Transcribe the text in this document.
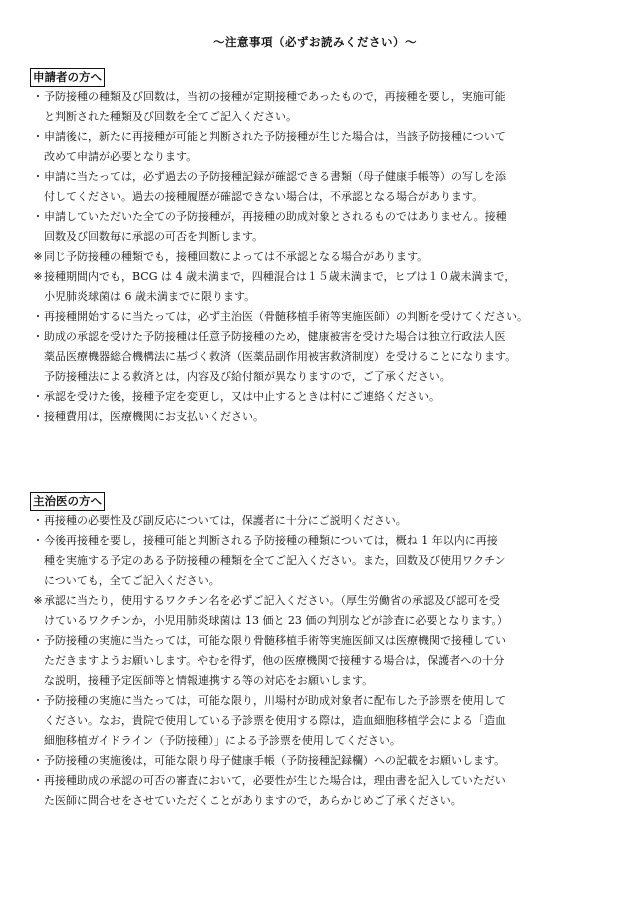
〜注意事項（必ずお読みください）〜
申請者の方へ
・ 予防接種の種類及び回数は，当初の接種が定期接種であったもので，再接種を要し，実施可能
と判断された種類及び回数を全てご記入ください。
・ 申請後に，新たに再接種が可能と判断された予防接種が生じた場合は，当該予防接種について
改めて申請が必要となります。
・ 申請に当たっては，必ず過去の予防接種記録が確認できる書類（母子健康手帳等）の写しを添
付してください。過去の接種履歴が確認できない場合は，不承認となる場合があります。
・ 申請していただいた全ての予防接種が，再接種の助成対象とされるものではありません。接種
回数及び回数毎に承認の可否を判断します。
※ 同じ予防接種の種類でも，接種回数によっては不承認となる場合があります。
※ 接種期間内でも，BCG は 4 歳未満まで，四種混合は１５歳未満まで，ヒブは１０歳未満まで，
小児肺炎球菌は 6 歳未満までに限ります。
・ 再接種開始するに当たっては，必ず主治医（骨髄移植手術等実施医師）の判断を受けてください。
・ 助成の承認を受けた予防接種は任意予防接種のため，健康被害を受けた場合は独立行政法人医
薬品医療機器総合機構法に基づく救済（医薬品副作用被害救済制度）を受けることになります。
予防接種法による救済とは，内容及び給付額が異なりますので，ご了承ください。
・ 承認を受けた後，接種予定を変更し，又は中止するときは村にご連絡ください。
・ 接種費用は，医療機関にお支払いください。
主治医の方へ
・ 再接種の必要性及び副反応については，保護者に十分にご説明ください。
・ 今後再接種を要し，接種可能と判断される予防接種の種類については，概ね 1 年以内に再接
種を実施する予定のある予防接種の種類を全てご記入ください。また，回数及び使用ワクチン
についても，全てご記入ください。
※ 承認に当たり，使用するワクチン名を必ずご記入ください。（厚生労働省の承認及び認可を受
けているワクチンか，小児用肺炎球菌は 13 価と 23 価の判別などが診査に必要となります。）
・ 予防接種の実施に当たっては，可能な限り骨髄移植手術等実施医師又は医療機関で接種してい
ただきますようお願いします。やむを得ず，他の医療機関で接種する場合は，保護者への十分
な説明，接種予定医師等と情報連携する等の対応をお願いします。
・ 予防接種の実施に当たっては，可能な限り，川場村が助成対象者に配布した予診票を使用して
ください。なお，貴院で使用している予診票を使用する際は，造血細胞移植学会による「造血
細胞移植ガイドライン（予防接種）」による予診票を使用してください。
・ 予防接種の実施後は，可能な限り母子健康手帳（予防接種記録欄）への記載をお願いします。
・ 再接種助成の承認の可否の審査において，必要性が生じた場合は，理由書を記入していただい
た医師に問合せをさせていただくことがありますので，あらかじめご了承ください。
